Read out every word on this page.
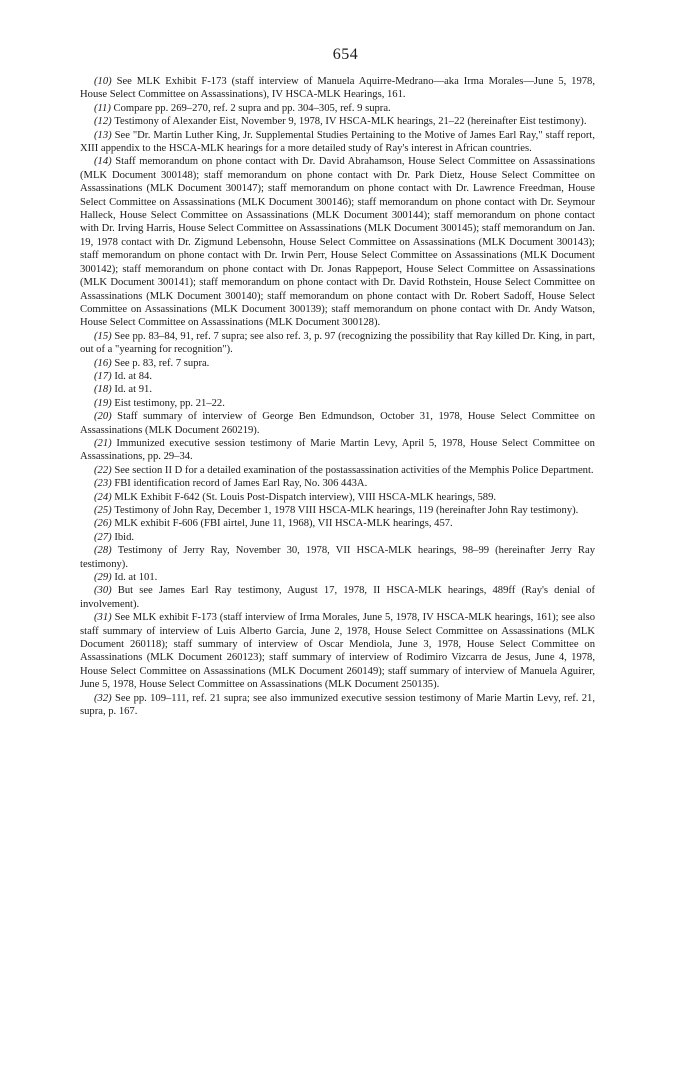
654

( 10 ) See MLK Exhibit F-173 (staff interview of Manuela Aquirre-Medrano—aka Irma Morales—June 5, 1978, House Select Committee on Assassinations), IV HSCA-MLK Hearings, 161.

( 11 ) Compare pp. 269–270, ref. 2 supra and pp. 304–305, ref. 9 supra.

( 12 ) Testimony of Alexander Eist, November 9, 1978, IV HSCA-MLK hearings, 21–22 (hereinafter Eist testimony).

( 13 ) See "Dr. Martin Luther King, Jr. Supplemental Studies Pertaining to the Motive of James Earl Ray," staff report, XIII appendix to the HSCA-MLK hearings for a more detailed study of Ray's interest in African countries.

( 14 ) Staff memorandum on phone contact with Dr. David Abrahamson, House Select Committee on Assassinations (MLK Document 300148); staff memorandum on phone contact with Dr. Park Dietz, House Select Committee on Assassinations (MLK Document 300147); staff memorandum on phone contact with Dr. Lawrence Freedman, House Select Committee on Assassinations (MLK Document 300146); staff memorandum on phone contact with Dr. Seymour Halleck, House Select Committee on Assassinations (MLK Document 300144); staff memorandum on phone contact with Dr. Irving Harris, House Select Committee on Assassinations (MLK Document 300145); staff memorandum on Jan. 19, 1978 contact with Dr. Zigmund Lebensohn, House Select Committee on Assassinations (MLK Document 300143); staff memorandum on phone contact with Dr. Irwin Perr, House Select Committee on Assassinations (MLK Document 300142); staff memorandum on phone contact with Dr. Jonas Rappeport, House Select Committee on Assassinations (MLK Document 300141); staff memorandum on phone contact with Dr. David Rothstein, House Select Committee on Assassinations (MLK Document 300140); staff memorandum on phone contact with Dr. Robert Sadoff, House Select Committee on Assassinations (MLK Document 300139); staff memorandum on phone contact with Dr. Andy Watson, House Select Committee on Assassinations (MLK Document 300128).

( 15 ) See pp. 83–84, 91, ref. 7 supra; see also ref. 3, p. 97 (recognizing the possibility that Ray killed Dr. King, in part, out of a "yearning for recognition").

( 16 ) See p. 83, ref. 7 supra.

( 17 ) Id. at 84.

( 18 ) Id. at 91.

( 19 ) Eist testimony, pp. 21–22.

( 20 ) Staff summary of interview of George Ben Edmundson, October 31, 1978, House Select Committee on Assassinations (MLK Document 260219).

( 21 ) Immunized executive session testimony of Marie Martin Levy, April 5, 1978, House Select Committee on Assassinations, pp. 29–34.

( 22 ) See section II D for a detailed examination of the postassassination activities of the Memphis Police Department.

( 23 ) FBI identification record of James Earl Ray, No. 306 443A.

( 24 ) MLK Exhibit F-642 (St. Louis Post-Dispatch interview), VIII HSCA-MLK hearings, 589.

( 25 ) Testimony of John Ray, December 1, 1978 VIII HSCA-MLK hearings, 119 (hereinafter John Ray testimony).

( 26 ) MLK exhibit F-606 (FBI airtel, June 11, 1968), VII HSCA-MLK hearings, 457.

( 27 ) Ibid.

( 28 ) Testimony of Jerry Ray, November 30, 1978, VII HSCA-MLK hearings, 98–99 (hereinafter Jerry Ray testimony).

( 29 ) Id. at 101.

( 30 ) But see James Earl Ray testimony, August 17, 1978, II HSCA-MLK hearings, 489ff (Ray's denial of involvement).

( 31 ) See MLK exhibit F-173 (staff interview of Irma Morales, June 5, 1978, IV HSCA-MLK hearings, 161); see also staff summary of interview of Luis Alberto Garcia, June 2, 1978, House Select Committee on Assassinations (MLK Document 260118); staff summary of interview of Oscar Mendiola, June 3, 1978, House Select Committee on Assassinations (MLK Document 260123); staff summary of interview of Rodimiro Vizcarra de Jesus, June 4, 1978, House Select Committee on Assassinations (MLK Document 260149); staff summary of interview of Manuela Aguirer, June 5, 1978, House Select Committee on Assassinations (MLK Document 250135).

( 32 ) See pp. 109–111, ref. 21 supra; see also immunized executive session testimony of Marie Martin Levy, ref. 21, supra, p. 167.
